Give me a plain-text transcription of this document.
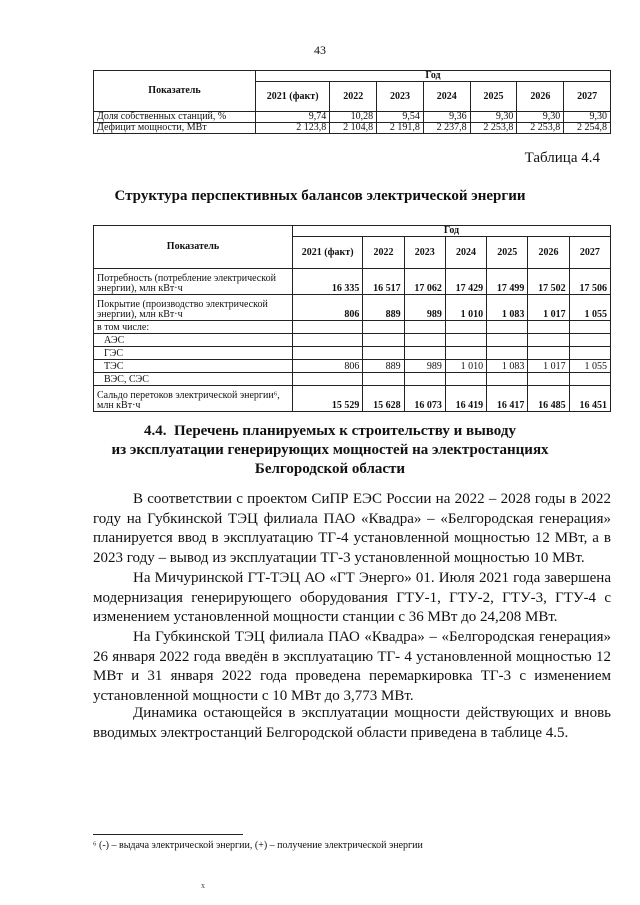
43
Показатель	Год						
	2021 (факт)	2022	2023	2024	2025	2026	2027
Доля собственных станций, %	9,74	10,28	9,54	9,36	9,30	9,30	9,30
Дефицит мощности, МВт	2 123,8	2 104,8	2 191,8	2 237,8	2 253,8	2 253,8	2 254,8
Таблица 4.4
Структура перспективных балансов электрической энергии
Показатель	Год						
	2021 (факт)	2022	2023	2024	2025	2026	2027
Потребность (потребление электрической энергии), млн кВт·ч	16 335	16 517	17 062	17 429	17 499	17 502	17 506
Покрытие (производство электрической энергии), млн кВт·ч	806	889	989	1 010	1 083	1 017	1 055
в том числе:							
АЭС							
ГЭС							
ТЭС	806	889	989	1 010	1 083	1 017	1 055
ВЭС, СЭС							
Сальдо перетоков электрической энергии⁶, млн кВт·ч	15 529	15 628	16 073	16 419	16 417	16 485	16 451
4.4. Перечень планируемых к строительству и выводу
из эксплуатации генерирующих мощностей на электростанциях
Белгородской области

В соответствии с проектом СиПР ЕЭС России на 2022 – 2028 годы в 2022 году на Губкинской ТЭЦ филиала ПАО «Квадра» – «Белгородская генерация» планируется ввод в эксплуатацию ТГ-4 установленной мощностью 12 МВт, а в 2023 году – вывод из эксплуатации ТГ-3 установленной мощностью 10 МВт.

На Мичуринской ГТ-ТЭЦ АО «ГТ Энерго» 01. Июля 2021 года завершена модернизация генерирующего оборудования ГТУ-1, ГТУ-2, ГТУ-3, ГТУ-4 с изменением установленной мощности станции с 36 МВт до 24,208 МВт.

На Губкинской ТЭЦ филиала ПАО «Квадра» – «Белгородская генерация» 26 января 2022 года введён в эксплуатацию ТГ- 4 установленной мощностью 12 МВт и 31 января 2022 года проведена перемаркировка ТГ-3 с изменением установленной мощности с 10 МВт до 3,773 МВт.

Динамика остающейся в эксплуатации мощности действующих и вновь вводимых электростанций Белгородской области приведена в таблице 4.5.

⁶ (-) – выдача электрической энергии, (+) – получение электрической энергии
x
